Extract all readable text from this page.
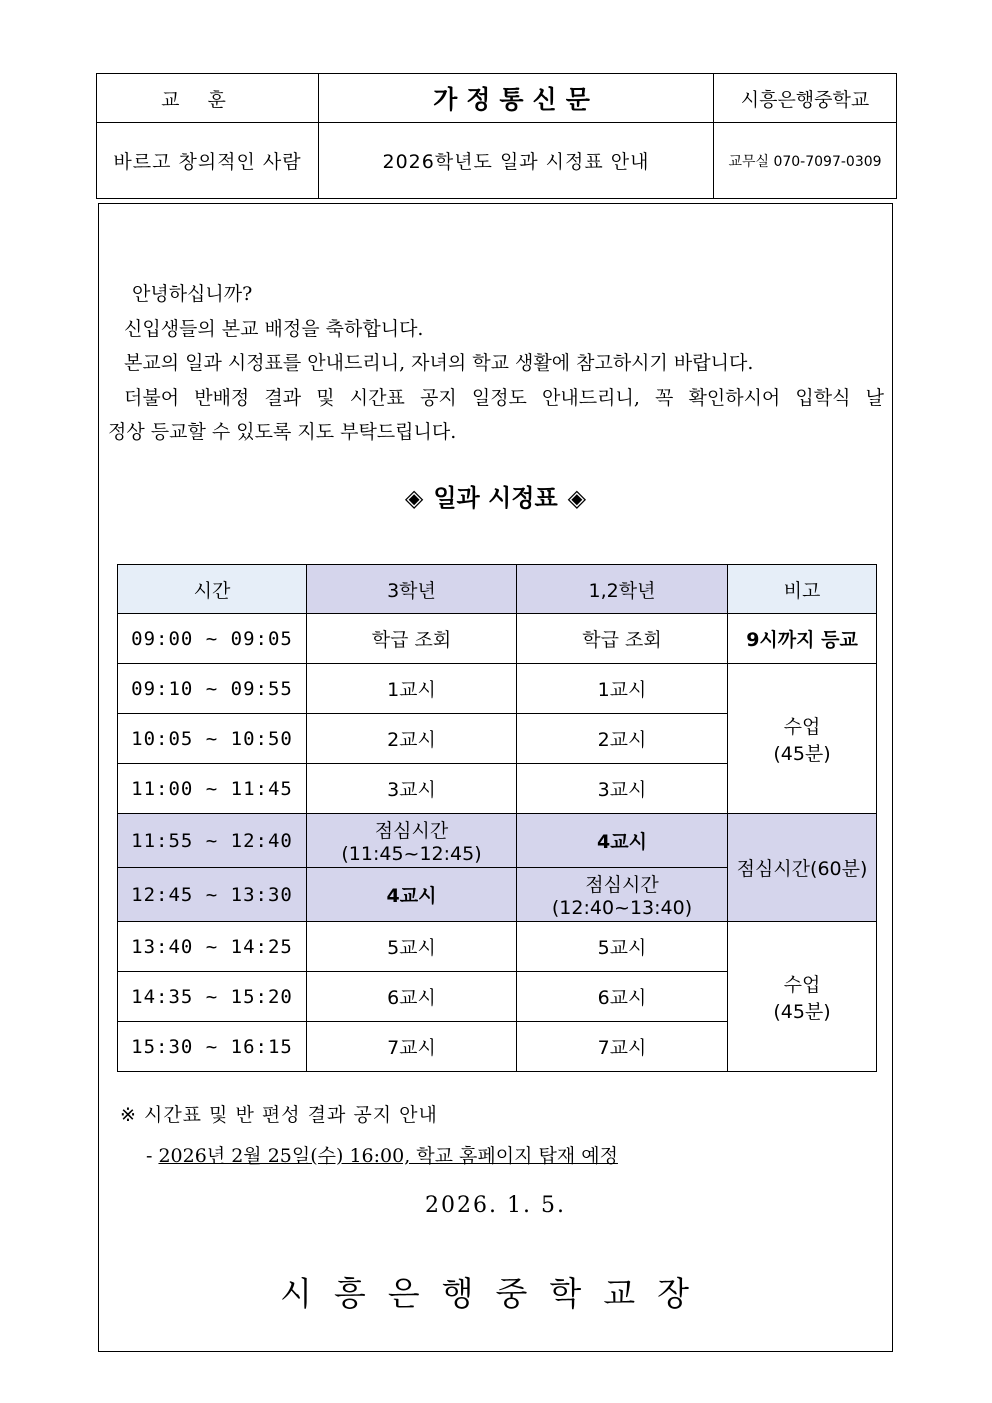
교훈	가정통신문	시흥은행중학교
바르고 창의적인 사람	2026학년도 일과 시정표 안내	교무실 070-7097-0309

안녕하십니까?

신입생들의 본교 배정을 축하합니다.

본교의 일과 시정표를 안내드리니, 자녀의 학교 생활에 참고하시기 바랍니다.

더불어 반배정 결과 및 시간표 공지 일정도 안내드리니, 꼭 확인하시어 입학식 날

정상 등교할 수 있도록 지도 부탁드립니다.

◈ 일과 시정표 ◈
시간	3학년	1,2학년	비고
09:00 ~ 09:05	학급 조회	학급 조회	9시까지 등교
09:10 ~ 09:55	1교시	1교시	수업
(45분)

10:05 ~ 10:50	2교시	2교시	
11:00 ~ 11:45	3교시	3교시	
11:55 ~ 12:40	점심시간(11:45~12:45)	4교시	점심시간(60분)
12:45 ~ 13:30	4교시	점심시간(12:40~13:40)	
13:40 ~ 14:25	5교시	5교시	수업
(45분)

14:35 ~ 15:20	6교시	6교시	
15:30 ~ 16:15	7교시	7교시	
※ 시간표 및 반 편성 결과 공지 안내
- 2026년 2월 25일(수) 16:00, 학교 홈페이지 탑재 예정
2026. 1. 5.
시흥은행중학교장
